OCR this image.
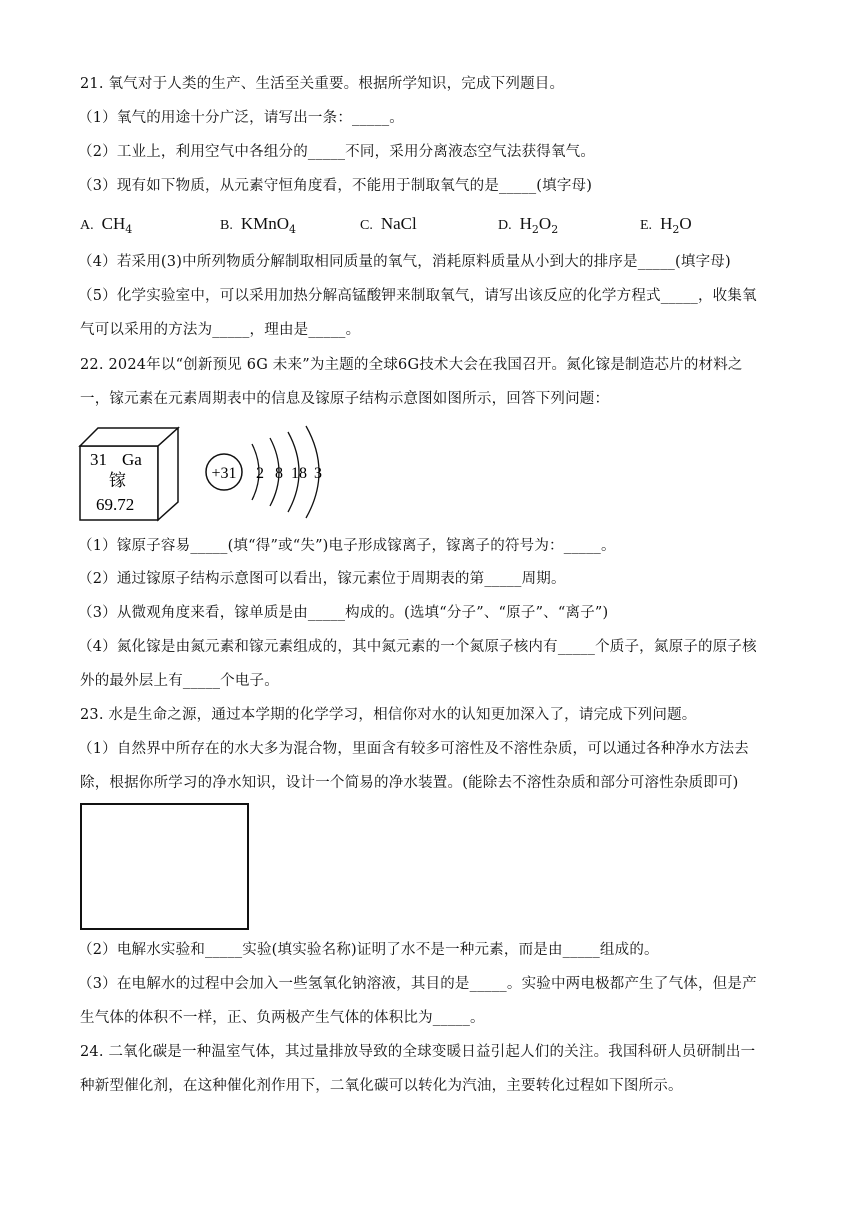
21. 氧气对于人类的生产、生活至关重要。根据所学知识，完成下列题目。
（1）氧气的用途十分广泛，请写出一条：_____。
（2）工业上，利用空气中各组分的_____不同，采用分离液态空气法获得氧气。
（3）现有如下物质，从元素守恒角度看，不能用于制取氧气的是_____(填字母)
A. $CH_4$	B. KMnO$_4$	C. NaCl	D. $H_2O_2$	E. $H_2O$
（4）若采用(3)中所列物质分解制取相同质量的氧气，消耗原料质量从小到大的排序是_____(填字母)
（5）化学实验室中，可以采用加热分解高锰酸钾来制取氧气，请写出该反应的化学方程式_____，收集氧
气可以采用的方法为_____，理由是_____。
22. 2024年以“创新预见 6G 未来”为主题的全球6G技术大会在我国召开。氮化镓是制造芯片的材料之
一，镓元素在元素周期表中的信息及镓原子结构示意图如图所示，回答下列问题：
31 Ga
镓
69.72
+31 2 8 18 3
（1）镓原子容易_____(填“得”或“失”)电子形成镓离子，镓离子的符号为：_____。
（2）通过镓原子结构示意图可以看出，镓元素位于周期表的第_____周期。
（3）从微观角度来看，镓单质是由_____构成的。(选填“分子”、“原子”、“离子”)
（4）氮化镓是由氮元素和镓元素组成的，其中氮元素的一个氮原子核内有_____个质子，氮原子的原子核
外的最外层上有_____个电子。
23. 水是生命之源，通过本学期的化学学习，相信你对水的认知更加深入了，请完成下列问题。
（1）自然界中所存在的水大多为混合物，里面含有较多可溶性及不溶性杂质，可以通过各种净水方法去
除，根据你所学习的净水知识，设计一个简易的净水装置。(能除去不溶性杂质和部分可溶性杂质即可)
（2）电解水实验和_____实验(填实验名称)证明了水不是一种元素，而是由_____组成的。
（3）在电解水的过程中会加入一些氢氧化钠溶液，其目的是_____。实验中两电极都产生了气体，但是产
生气体的体积不一样，正、负两极产生气体的体积比为_____。
24. 二氧化碳是一种温室气体，其过量排放导致的全球变暖日益引起人们的关注。我国科研人员研制出一
种新型催化剂，在这种催化剂作用下，二氧化碳可以转化为汽油，主要转化过程如下图所示。
